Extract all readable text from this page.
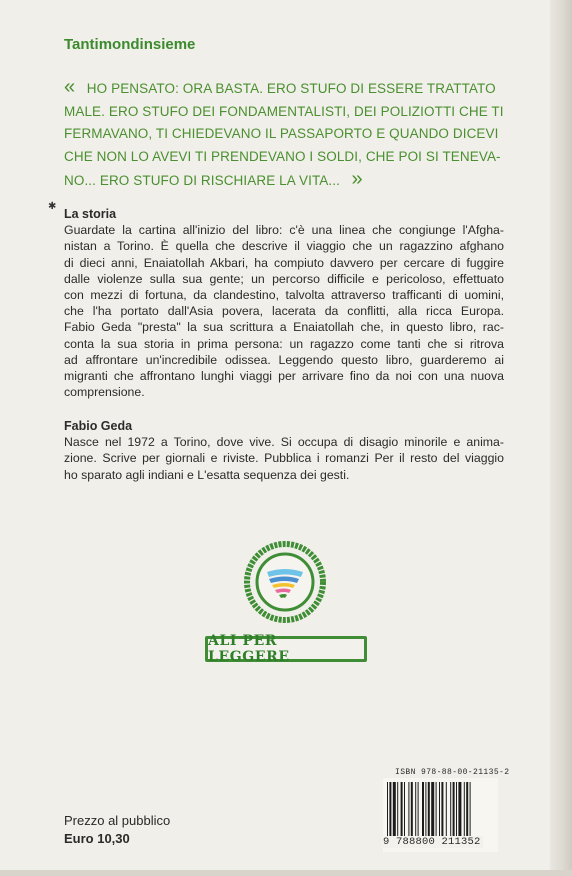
Tantimondinsieme
« HO PENSATO: ORA BASTA. ERO STUFO DI ESSERE TRATTATO
MALE. ERO STUFO DEI FONDAMENTALISTI, DEI POLIZIOTTI CHE TI
FERMAVANO, TI CHIEDEVANO IL PASSAPORTO E QUANDO DICEVI
CHE NON LO AVEVI TI PRENDEVANO I SOLDI, CHE POI SI TENEVA-
NO... ERO STUFO DI RISCHIARE LA VITA... »
✱
La storia
Guardate la cartina all'inizio del libro: c'è una linea che congiunge l'Afgha-
nistan a Torino. È quella che descrive il viaggio che un ragazzino afghano
di dieci anni, Enaiatollah Akbari, ha compiuto davvero per cercare di fuggire
dalle violenze sulla sua gente; un percorso difficile e pericoloso, effettuato
con mezzi di fortuna, da clandestino, talvolta attraverso trafficanti di uomini,
che l'ha portato dall'Asia povera, lacerata da conflitti, alla ricca Europa.
Fabio Geda "presta" la sua scrittura a Enaiatollah che, in questo libro, rac-
conta la sua storia in prima persona: un ragazzo come tanti che si ritrova
ad affrontare un'incredibile odissea. Leggendo questo libro, guarderemo ai
migranti che affrontano lunghi viaggi per arrivare fino da noi con una nuova
comprensione.
Fabio Geda
Nasce nel 1972 a Torino, dove vive. Si occupa di disagio minorile e anima-
zione. Scrive per giornali e riviste. Pubblica i romanzi Per il resto del viaggio
ho sparato agli indiani e L'esatta sequenza dei gesti.
ALI PER LEGGERE
ISBN 978-88-00-21135-2
9 788800 211352
Prezzo al pubblico
Euro 10,30
